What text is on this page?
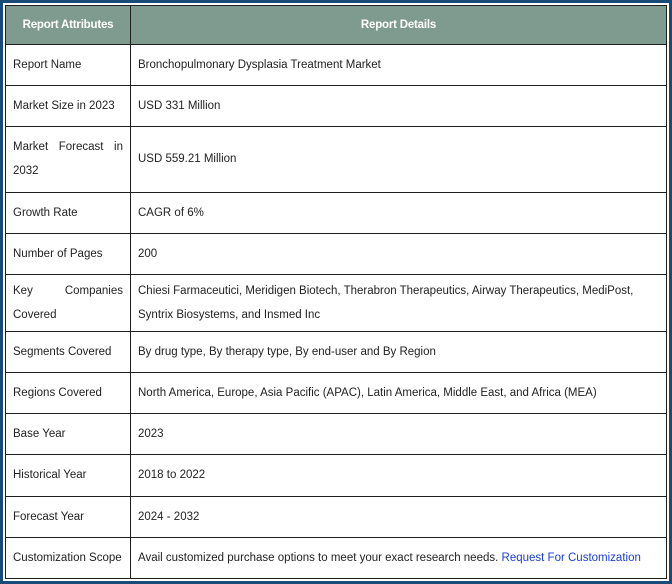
Report Attributes	Report Details
Report Name	Bronchopulmonary Dysplasia Treatment Market
Market Size in 2023	USD 331 Million
Market Forecast in 2032	USD 559.21 Million
Growth Rate	CAGR of 6%
Number of Pages	200
Key Companies Covered	Chiesi Farmaceutici, Meridigen Biotech, Therabron Therapeutics, Airway Therapeutics, MediPost, Syntrix Biosystems, and Insmed Inc
Segments Covered	By drug type, By therapy type, By end-user and By Region
Regions Covered	North America, Europe, Asia Pacific (APAC), Latin America, Middle East, and Africa (MEA)
Base Year	2023
Historical Year	2018 to 2022
Forecast Year	2024 - 2032
Customization Scope	Avail customized purchase options to meet your exact research needs. Request For Customization
